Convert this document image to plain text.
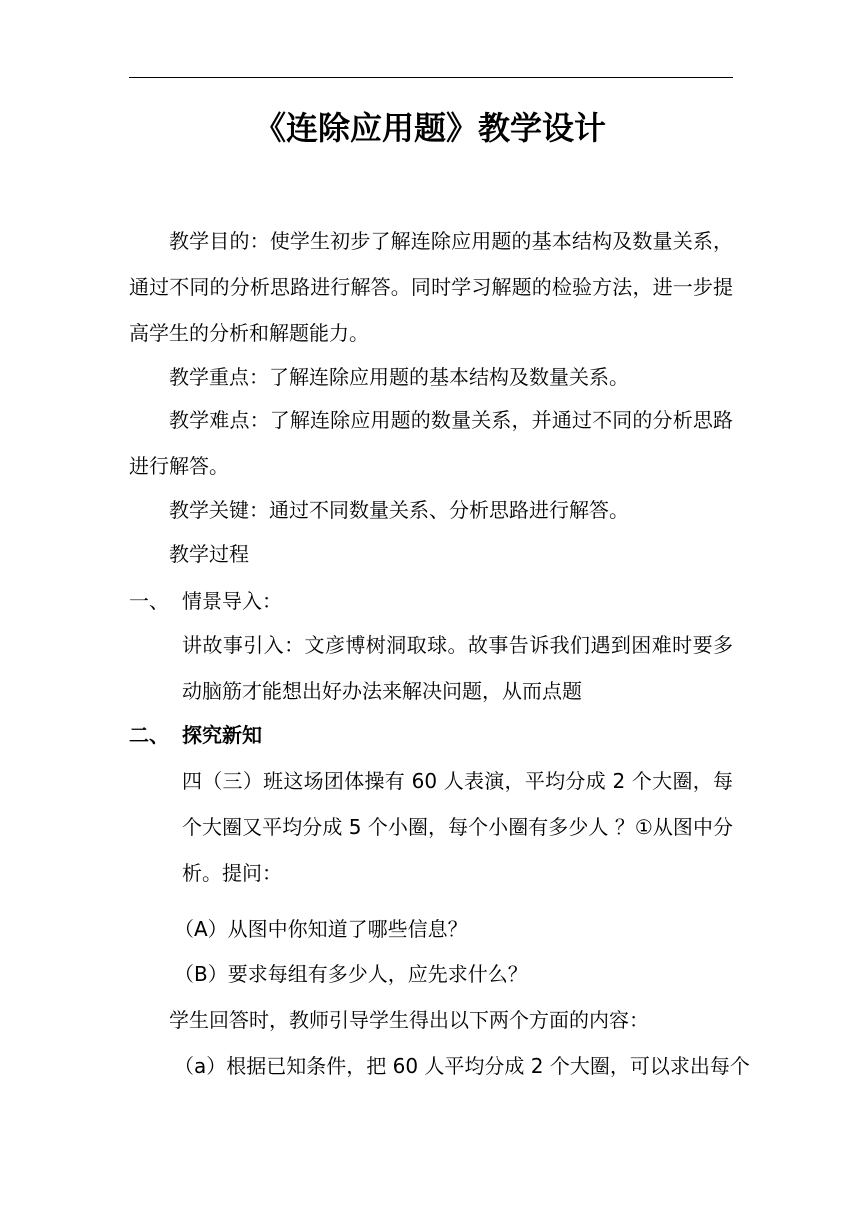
《连除应用题》教学设计
教学目的：使学生初步了解连除应用题的基本结构及数量关系，通过不同的分析思路进行解答。同时学习解题的检验方法，进一步提高学生的分析和解题能力。
教学重点：了解连除应用题的基本结构及数量关系。
教学难点：了解连除应用题的数量关系，并通过不同的分析思路进行解答。
教学关键：通过不同数量关系、分析思路进行解答。
教学过程
一、 情景导入：
讲故事引入：文彦博树洞取球。故事告诉我们遇到困难时要多动脑筋才能想出好办法来解决问题，从而点题
二、 探究新知
四（三）班这场团体操有 60 人表演，平均分成 2 个大圈，每个大圈又平均分成 5 个小圈，每个小圈有多少人 ？①从图中分析。提问：
（A）从图中你知道了哪些信息？
（B）要求每组有多少人，应先求什么？
学生回答时，教师引导学生得出以下两个方面的内容：
（a）根据已知条件，把 60 人平均分成 2 个大圈，可以求出每个
